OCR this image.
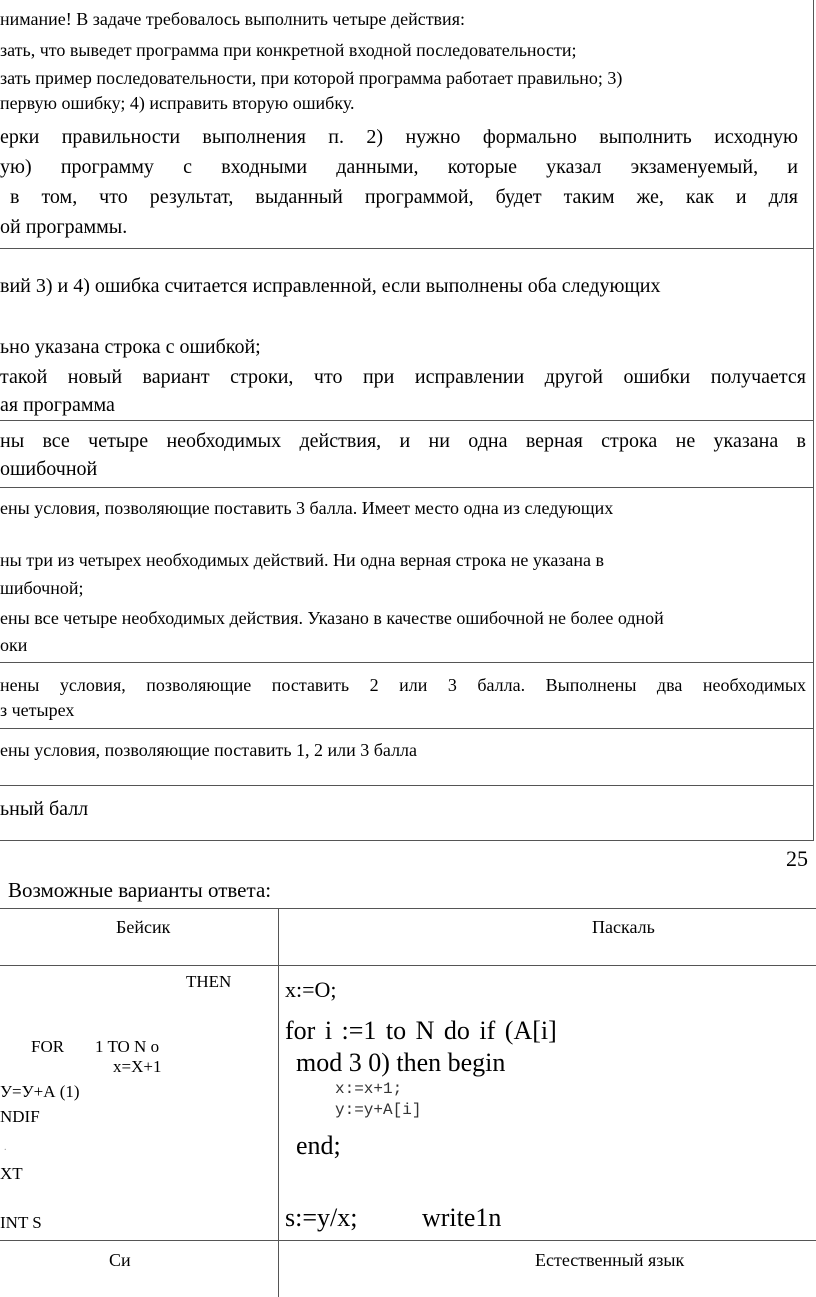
нимание! В задаче требовалось выполнить четыре действия:
зать, что выведет программа при конкретной входной последовательности;
зать пример последовательности, при которой программа работает правильно; 3)
первую ошибку; 4) исправить вторую ошибку.
ерки правильности выполнения п. 2) нужно формально выполнить исходную
ую) программу с входными данными, которые указал экзаменуемый, и
в том, что результат, выданный программой, будет таким же, как и для
ой программы.
вий 3) и 4) ошибка считается исправленной, если выполнены оба следующих
ьно указана строка с ошибкой;
такой новый вариант строки, что при исправлении другой ошибки получается
ая программа
ны все четыре необходимых действия, и ни одна верная строка не указана в
ошибочной
ены условия, позволяющие поставить 3 балла. Имеет место одна из следующих
ны три из четырех необходимых действий. Ни одна верная строка не указана в
шибочной;
ены все четыре необходимых действия. Указано в качестве ошибочной не более одной
оки
нены условия, позволяющие поставить 2 или 3 балла. Выполнены два необходимых
з четырех
ены условия, позволяющие поставить 1, 2 или 3 балла
ьный балл
25
Возможные варианты ответа:
Бейсик	Паскаль
THEN
FOR 1 TO N o
x=X+1
У=У+А (1)
NDIF
.
XT
INT S
x:=O;
for i :=1 to N do if (A[i]
mod 3 0) then begin
x:=x+1;
y:=y+A[i]
end;
s:=y/x; write1n
Си	Естественный язык
